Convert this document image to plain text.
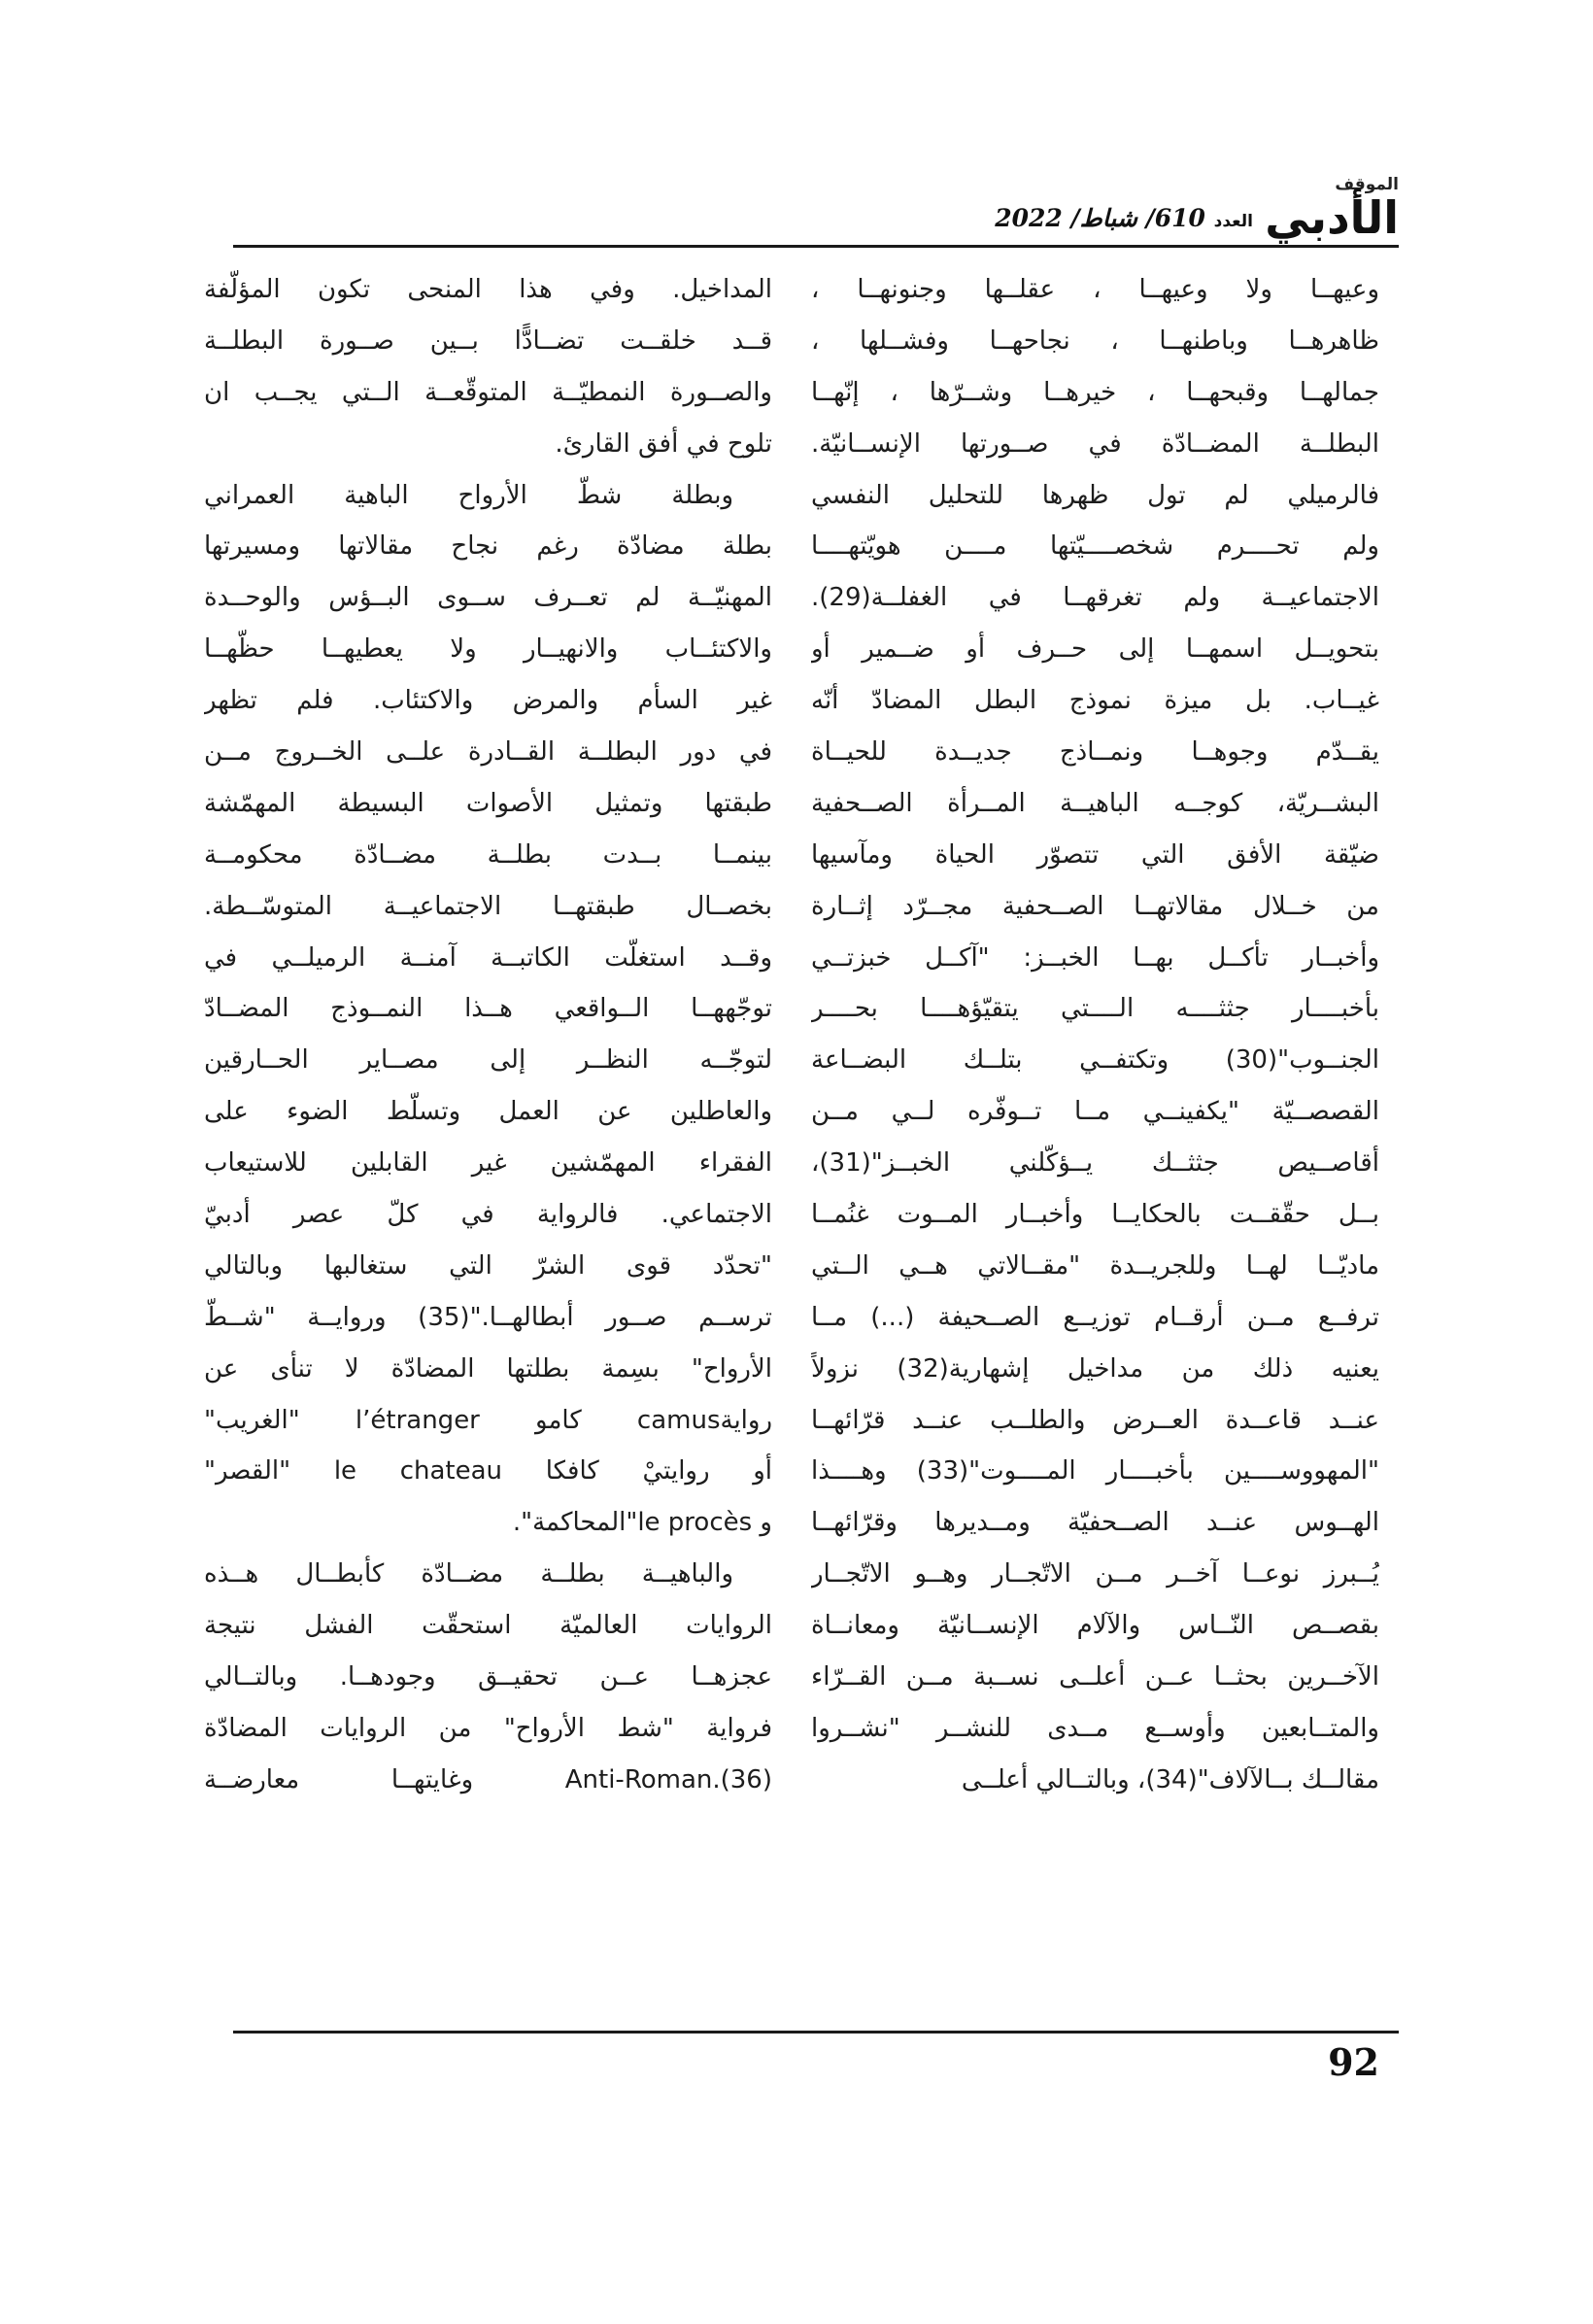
الموقف
الأدبي
العدد 610/ شباط/ 2022
وعيهــا ولا وعيهــا ، عقلــها وجنونهــا ،
ظاهرهــا وباطنهــا ، نجاحهــا وفشــلها ،
جمالهــا وقبحهــا ، خيرهــا وشــرّها ، إنّهــا
البطلــة المضــادّة في صــورتها الإنســانيّة.
فالرميلي لم تول ظهرها للتحليل النفسي
ولم تحــــرم شخصــــيّتها مــــن هويّتهــــا
الاجتماعيــة ولم تغرقهــا في الغفلــة(29).
بتحويــل اسمهــا إلى حــرف أو ضــمير أو
غيــاب. بل ميزة نموذج البطل المضادّ أنّه
يقــدّم وجوهــا ونمــاذج جديــدة للحيــاة
البشــريّة، كوجــه الباهيــة المــرأة الصــحفية
ضيّقة الأفق التي تتصوّر الحياة ومآسيها
من خــلال مقالاتهــا الصــحفية مجــرّد إثــارة
وأخبــار تأكــل بهــا الخبــز: "آكــل خبزتــي
بأخبــــار جثثــــه الــــتي يتقيّؤهــــا بحــــر
الجنــوب"(30) وتكتفــي بتلــك البضــاعة
القصصــيّة "يكفينــي مــا تــوفّره لــي مــن
أقاصــيص جثثــك يــؤكّلني الخبــز"(31)،
بــل حقّقــت بالحكايــا وأخبــار المــوت غنُمــا
ماديّــا لهــا وللجريــدة "مقــالاتي هــي الــتي
ترفــع مــن أرقــام توزيــع الصــحيفة (...) مــا
يعنيه ذلك من مداخيل إشهارية(32) نزولاً
عنــد قاعــدة العــرض والطلــب عنــد قرّائهــا
"المهووســــين بأخبــــار المــــوت"(33) وهــــذا
الهــوس عنــد الصــحفيّة ومــديرها وقرّائهــا
يُــبرز نوعــا آخــر مــن الاتّجــار وهــو الاتّجــار
بقصــص النّــاس والآلام الإنســانيّة ومعانــاة
الآخــرين بحثــا عــن أعلــى نســبة مــن القــرّاء
والمتــابعين وأوســع مــدى للنشــر "نشــروا
مقالــك بــالآلاف"(34)، وبالتــالي أعلــى
المداخيل. وفي هذا المنحى تكون المؤلّفة
قــد خلقــت تضــادًّا بــين صــورة البطلــة
والصــورة النمطيّــة المتوقّعــة الــتي يجــب ان
تلوح في أفق القارئ.
وبطلة شطّ الأرواح الباهية العمراني
بطلة مضادّة رغم نجاح مقالاتها ومسيرتها
المهنيّــة لم تعــرف ســوى البــؤس والوحــدة
والاكتئــاب والانهيــار ولا يعطيهــا حظّهــا
غير السأم والمرض والاكتئاب. فلم تظهر
في دور البطلــة القــادرة علــى الخــروج مــن
طبقتها وتمثيل الأصوات البسيطة المهمّشة
بينمــا بــدت بطلــة مضــادّة محكومــة
بخصــال طبقتهــا الاجتماعيــة المتوسّــطة.
وقــد استغلّت الكاتبــة آمنــة الرميلــي في
توجّههــا الــواقعي هــذا النمــوذج المضــادّ
لتوجّــه النظــر إلى مصــاير الحــارقين
والعاطلين عن العمل وتسلّط الضوء على
الفقراء المهمّشين غير القابلين للاستيعاب
الاجتماعي. فالرواية في كلّ عصر أدبيّ
"تحدّد قوى الشرّ التي ستغالبها وبالتالي
ترســم صــور أبطالهــا."(35) وروايــة "شــطّ
الأرواح" بسِمة بطلتها المضادّة لا تنأى عن
روايةcamus كامو l’étranger "الغريب"
أو روايتيْ كافكا le chateau "القصر"
و le procès"المحاكمة".
والباهيــة بطلــة مضــادّة كأبطــال هــذه
الروايات العالميّة استحقّت الفشل نتيجة
عجزهــا عــن تحقيــق وجودهــا. وبالتــالي
فرواية "شط الأرواح" من الروايات المضادّة
Anti-Roman.(36) وغايتهــا معارضــة
92
